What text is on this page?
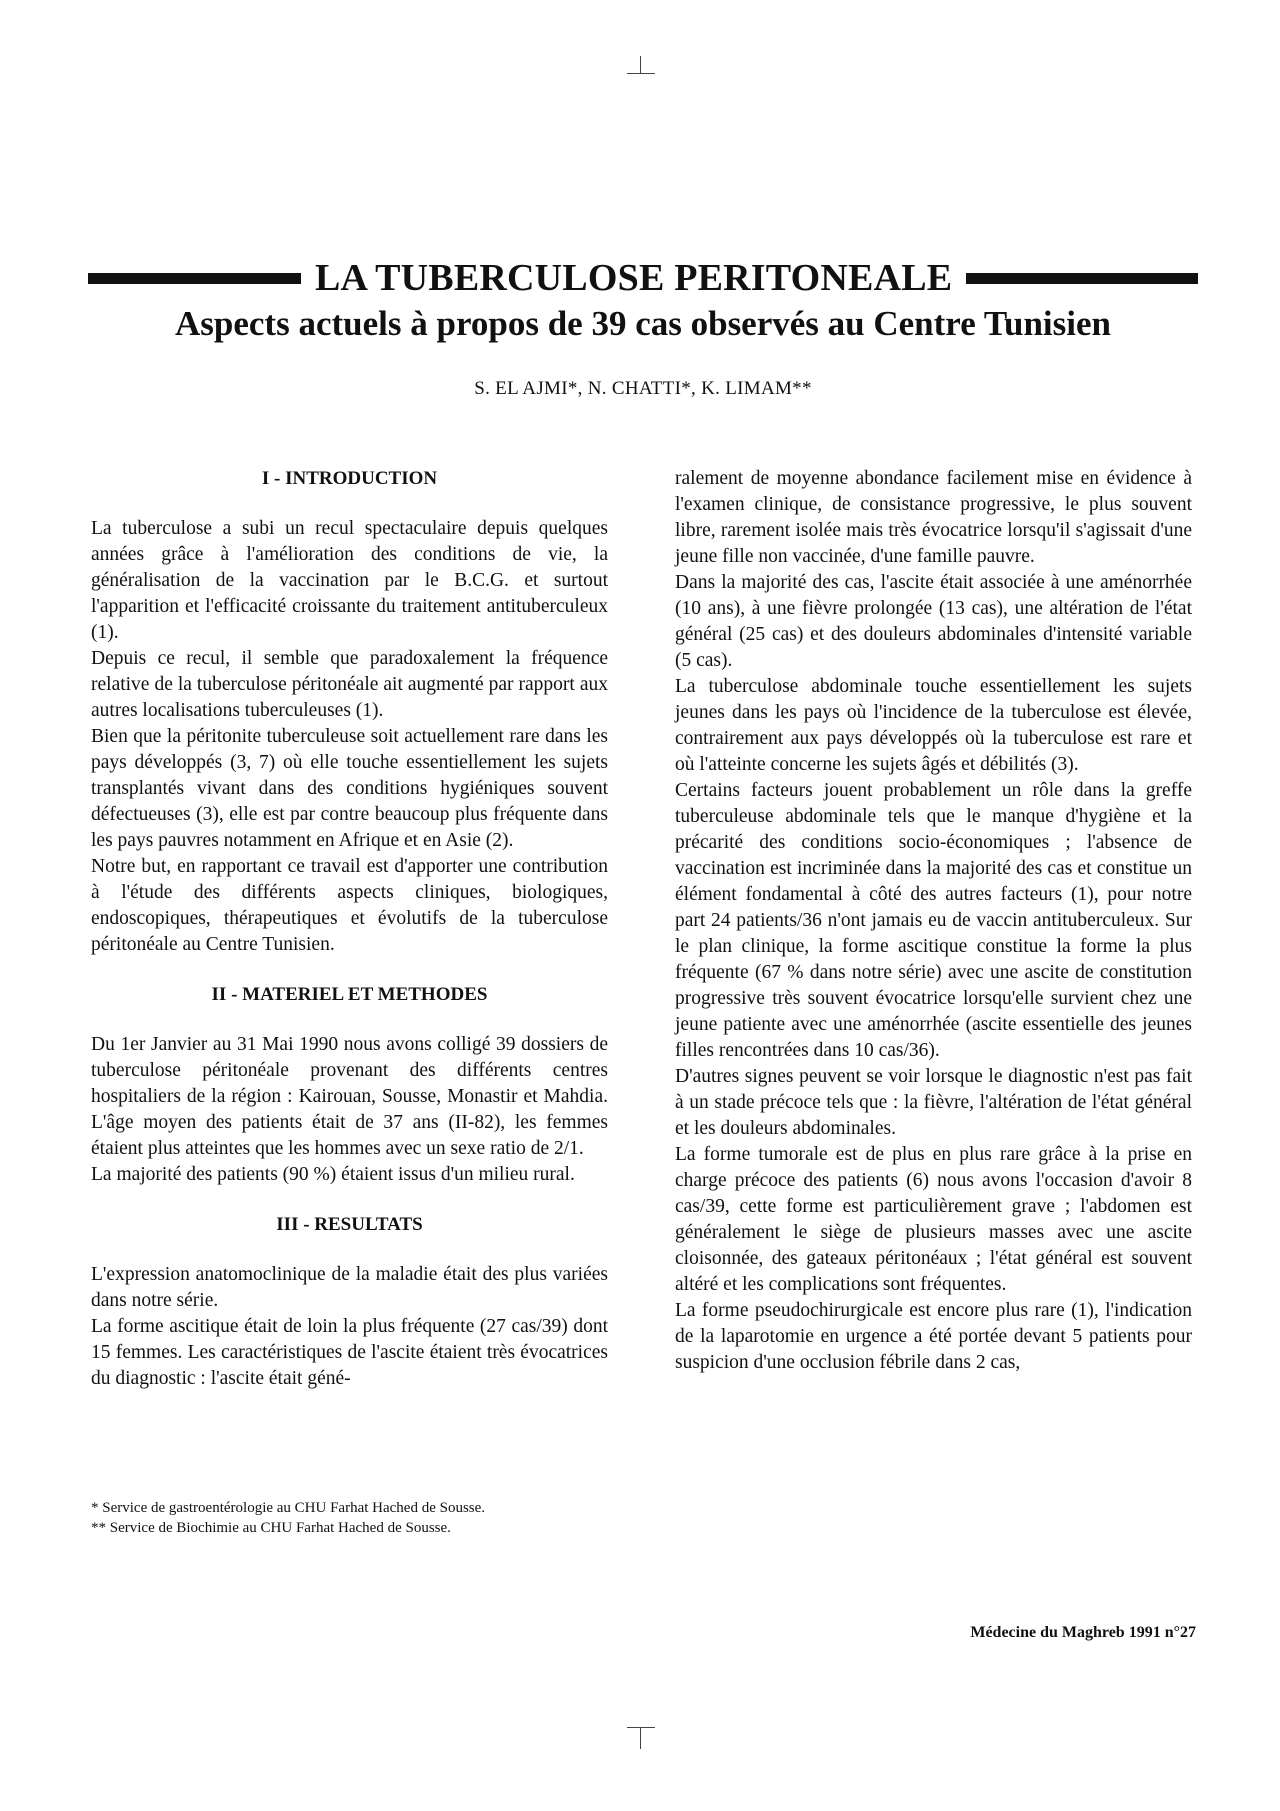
LA TUBERCULOSE PERITONEALE
Aspects actuels à propos de 39 cas observés au Centre Tunisien
S. EL AJMI*, N. CHATTI*, K. LIMAM**
I - INTRODUCTION

La tuberculose a subi un recul spectaculaire depuis quelques années grâce à l'amélioration des conditions de vie, la généralisation de la vaccination par le B.C.G. et surtout l'apparition et l'efficacité croissante du traitement antituberculeux (1).

Depuis ce recul, il semble que paradoxalement la fréquence relative de la tuberculose péritonéale ait augmenté par rapport aux autres localisations tuberculeuses (1).

Bien que la péritonite tuberculeuse soit actuellement rare dans les pays développés (3, 7) où elle touche essentiellement les sujets transplantés vivant dans des conditions hygiéniques souvent défectueuses (3), elle est par contre beaucoup plus fréquente dans les pays pauvres notamment en Afrique et en Asie (2).

Notre but, en rapportant ce travail est d'apporter une contribution à l'étude des différents aspects cliniques, biologiques, endoscopiques, thérapeutiques et évolutifs de la tuberculose péritonéale au Centre Tunisien.

II - MATERIEL ET METHODES

Du 1er Janvier au 31 Mai 1990 nous avons colligé 39 dossiers de tuberculose péritonéale provenant des différents centres hospitaliers de la région : Kairouan, Sousse, Monastir et Mahdia. L'âge moyen des patients était de 37 ans (II-82), les femmes étaient plus atteintes que les hommes avec un sexe ratio de 2/1.

La majorité des patients (90 %) étaient issus d'un milieu rural.

III - RESULTATS

L'expression anatomoclinique de la maladie était des plus variées dans notre série.

La forme ascitique était de loin la plus fréquente (27 cas/39) dont 15 femmes. Les caractéristiques de l'ascite étaient très évocatrices du diagnostic : l'ascite était géné-

ralement de moyenne abondance facilement mise en évidence à l'examen clinique, de consistance progressive, le plus souvent libre, rarement isolée mais très évocatrice lorsqu'il s'agissait d'une jeune fille non vaccinée, d'une famille pauvre.

Dans la majorité des cas, l'ascite était associée à une aménorrhée (10 ans), à une fièvre prolongée (13 cas), une altération de l'état général (25 cas) et des douleurs abdominales d'intensité variable (5 cas).

La tuberculose abdominale touche essentiellement les sujets jeunes dans les pays où l'incidence de la tuberculose est élevée, contrairement aux pays développés où la tuberculose est rare et où l'atteinte concerne les sujets âgés et débilités (3).

Certains facteurs jouent probablement un rôle dans la greffe tuberculeuse abdominale tels que le manque d'hygiène et la précarité des conditions socio-économiques ; l'absence de vaccination est incriminée dans la majorité des cas et constitue un élément fondamental à côté des autres facteurs (1), pour notre part 24 patients/36 n'ont jamais eu de vaccin antituberculeux. Sur le plan clinique, la forme ascitique constitue la forme la plus fréquente (67 % dans notre série) avec une ascite de constitution progressive très souvent évocatrice lorsqu'elle survient chez une jeune patiente avec une aménorrhée (ascite essentielle des jeunes filles rencontrées dans 10 cas/36).

D'autres signes peuvent se voir lorsque le diagnostic n'est pas fait à un stade précoce tels que : la fièvre, l'altération de l'état général et les douleurs abdominales.

La forme tumorale est de plus en plus rare grâce à la prise en charge précoce des patients (6) nous avons l'occasion d'avoir 8 cas/39, cette forme est particulièrement grave ; l'abdomen est généralement le siège de plusieurs masses avec une ascite cloisonnée, des gateaux péritonéaux ; l'état général est souvent altéré et les complications sont fréquentes.

La forme pseudochirurgicale est encore plus rare (1), l'indication de la laparotomie en urgence a été portée devant 5 patients pour suspicion d'une occlusion fébrile dans 2 cas,

* Service de gastroentérologie au CHU Farhat Hached de Sousse.
** Service de Biochimie au CHU Farhat Hached de Sousse.
Médecine du Maghreb 1991 n°27
